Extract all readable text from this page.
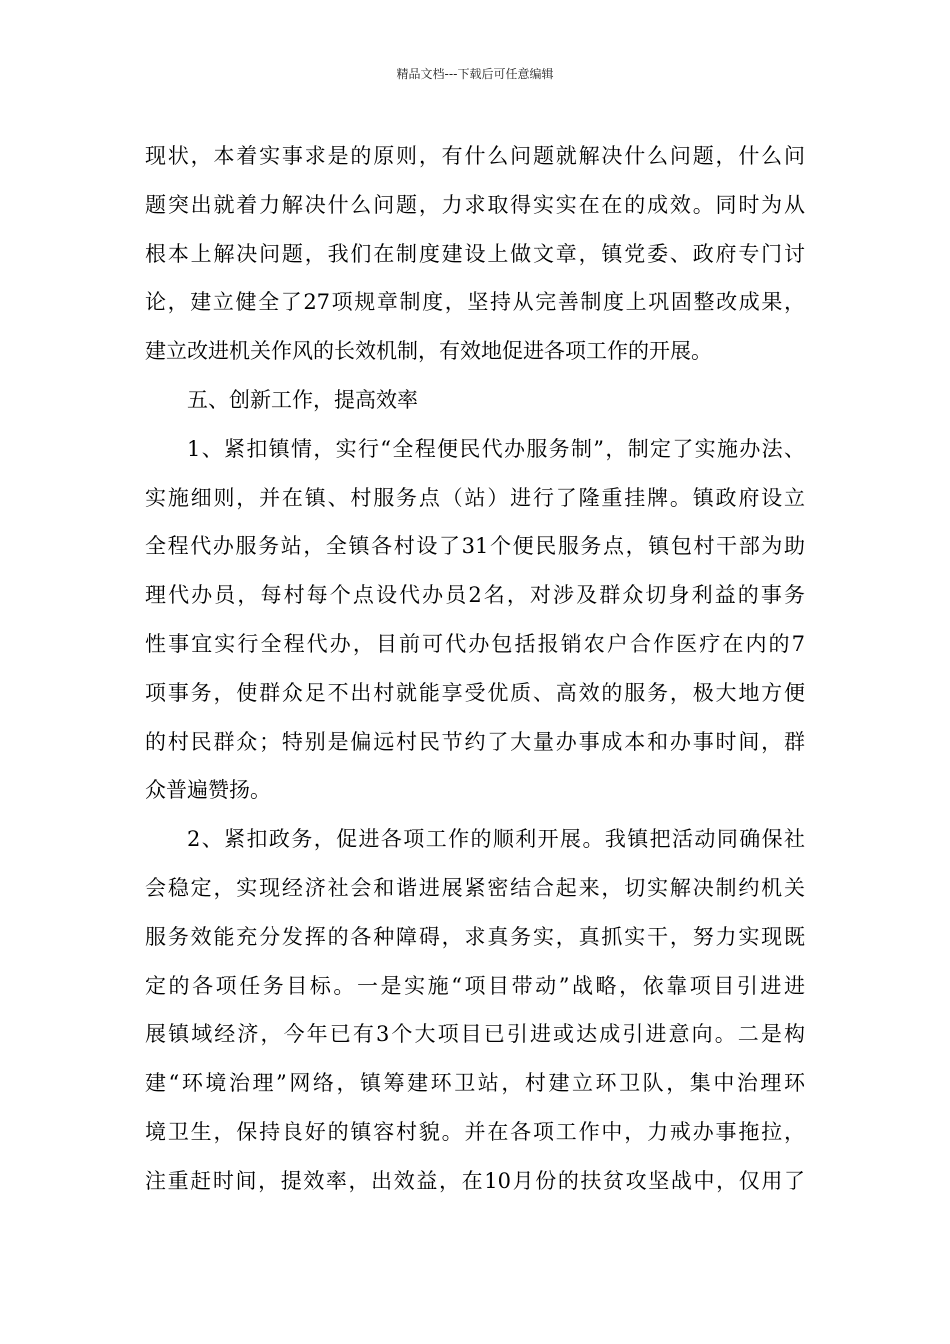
精品文档---下载后可任意编辑
现状，本着实事求是的原则，有什么问题就解决什么问题，什么问
题突出就着力解决什么问题，力求取得实实在在的成效。同时为从
根本上解决问题，我们在制度建设上做文章，镇党委、政府专门讨
论，建立健全了27项规章制度，坚持从完善制度上巩固整改成果，
建立改进机关作风的长效机制，有效地促进各项工作的开展。
五、创新工作，提高效率
1、紧扣镇情，实行“全程便民代办服务制”，制定了实施办法、
实施细则，并在镇、村服务点（站）进行了隆重挂牌。镇政府设立
全程代办服务站，全镇各村设了31个便民服务点，镇包村干部为助
理代办员，每村每个点设代办员2名，对涉及群众切身利益的事务
性事宜实行全程代办，目前可代办包括报销农户合作医疗在内的7
项事务，使群众足不出村就能享受优质、高效的服务，极大地方便
的村民群众；特别是偏远村民节约了大量办事成本和办事时间，群
众普遍赞扬。
2、紧扣政务，促进各项工作的顺利开展。我镇把活动同确保社
会稳定，实现经济社会和谐进展紧密结合起来，切实解决制约机关
服务效能充分发挥的各种障碍，求真务实，真抓实干，努力实现既
定的各项任务目标。一是实施“项目带动”战略，依靠项目引进进
展镇域经济，今年已有3个大项目已引进或达成引进意向。二是构
建“环境治理”网络，镇筹建环卫站，村建立环卫队，集中治理环
境卫生，保持良好的镇容村貌。并在各项工作中，力戒办事拖拉，
注重赶时间，提效率，出效益，在10月份的扶贫攻坚战中，仅用了
